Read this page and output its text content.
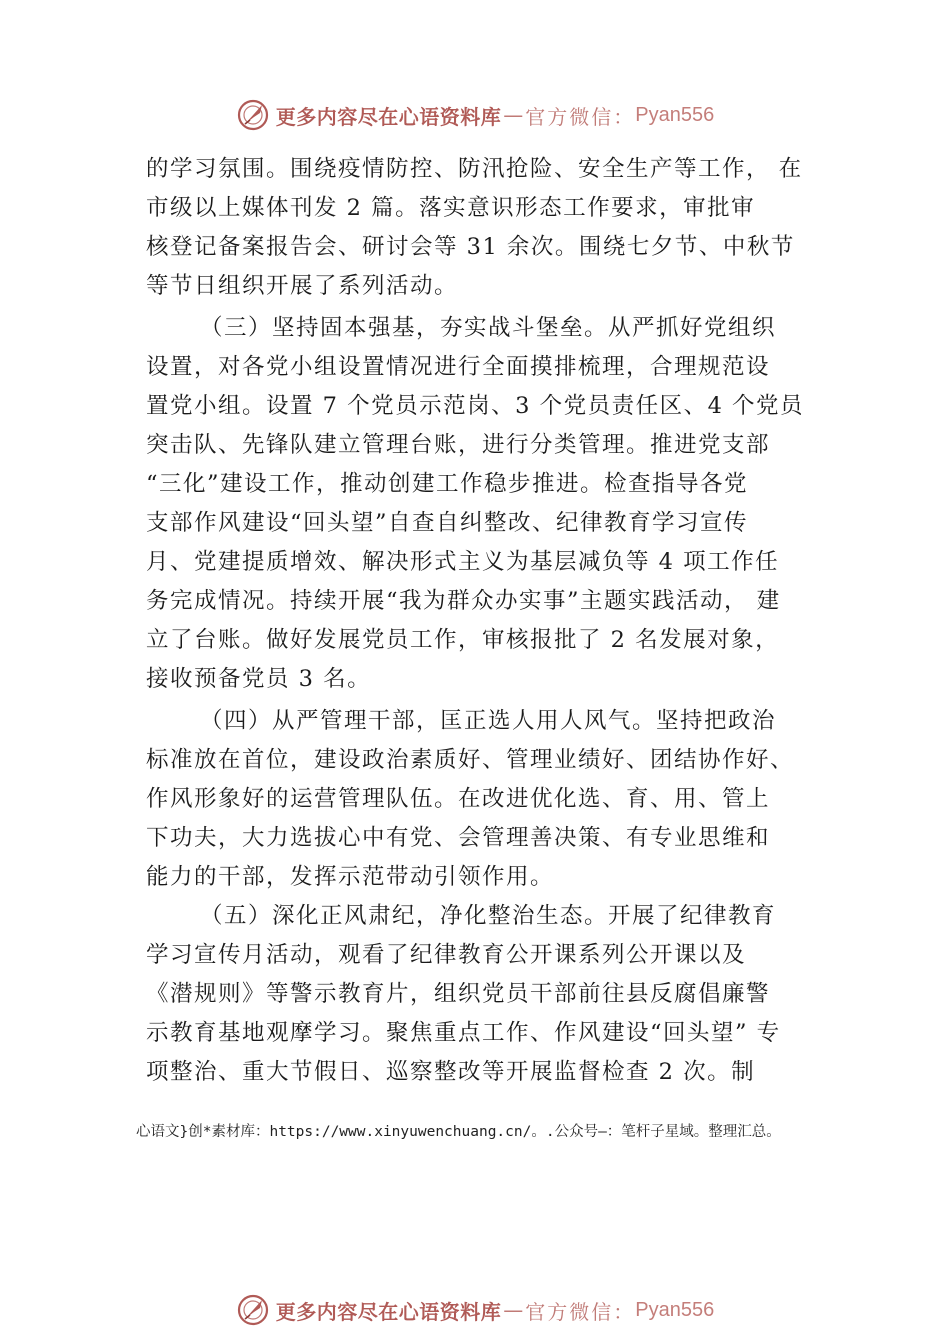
更多内容尽在心语资料库 — 官方微信： Pyan556
的学习氛围。围绕疫情防控、防汛抢险、安全生产等工作， 在
市级以上媒体刊发 2 篇。落实意识形态工作要求，审批审
核登记备案报告会、研讨会等 31 余次。围绕七夕节、中秋节
等节日组织开展了系列活动。
（三）坚持固本强基，夯实战斗堡垒。从严抓好党组织
设置，对各党小组设置情况进行全面摸排梳理，合理规范设
置党小组。设置 7 个党员示范岗、3 个党员责任区、4 个党员
突击队、先锋队建立管理台账，进行分类管理。推进党支部
“三化”建设工作，推动创建工作稳步推进。检查指导各党
支部作风建设“回头望”自查自纠整改、纪律教育学习宣传
月、党建提质增效、解决形式主义为基层减负等 4 项工作任
务完成情况。持续开展“我为群众办实事”主题实践活动， 建
立了台账。做好发展党员工作，审核报批了 2 名发展对象，
接收预备党员 3 名。
（四）从严管理干部，匡正选人用人风气。坚持把政治
标准放在首位，建设政治素质好、管理业绩好、团结协作好、
作风形象好的运营管理队伍。在改进优化选、育、用、管上
下功夫，大力选拔心中有党、会管理善决策、有专业思维和
能力的干部，发挥示范带动引领作用。
（五）深化正风肃纪，净化整治生态。开展了纪律教育
学习宣传月活动，观看了纪律教育公开课系列公开课以及
《潜规则》等警示教育片，组织党员干部前往县反腐倡廉警
示教育基地观摩学习。聚焦重点工作、作风建设“回头望” 专
项整治、重大节假日、巡察整改等开展监督检查 2 次。制
心语文}创*素材库：https://www.xinyuwenchuang.cn/。.公众号—：笔杆子星域。整理汇总。
更多内容尽在心语资料库 — 官方微信： Pyan556
